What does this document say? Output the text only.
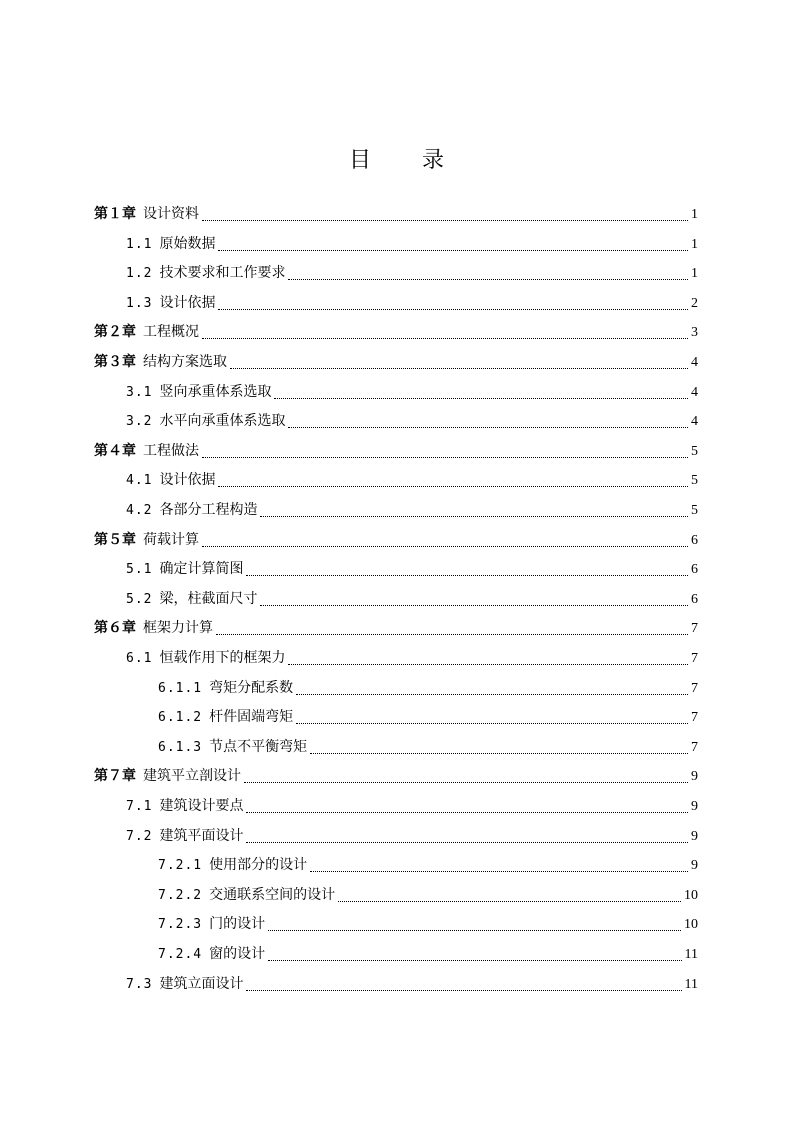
目 录
第１章 设计资料	1
1.1 原始数据	1
1.2 技术要求和工作要求	1
1.3 设计依据	2
第２章 工程概况	3
第３章 结构方案选取	4
3.1 竖向承重体系选取	4
3.2 水平向承重体系选取	4
第４章 工程做法	5
4.1 设计依据	5
4.2 各部分工程构造	5
第５章 荷载计算	6
5.1 确定计算简图	6
5.2 梁，柱截面尺寸	6
第６章 框架力计算	7
6.1 恒载作用下的框架力	7
6.1.1 弯矩分配系数	7
6.1.2 杆件固端弯矩	7
6.1.3 节点不平衡弯矩	7
第７章 建筑平立剖设计	9
7.1 建筑设计要点	9
7.2 建筑平面设计	9
7.2.1 使用部分的设计	9
7.2.2 交通联系空间的设计	10
7.2.3 门的设计	10
7.2.4 窗的设计	11
7.3 建筑立面设计	11
